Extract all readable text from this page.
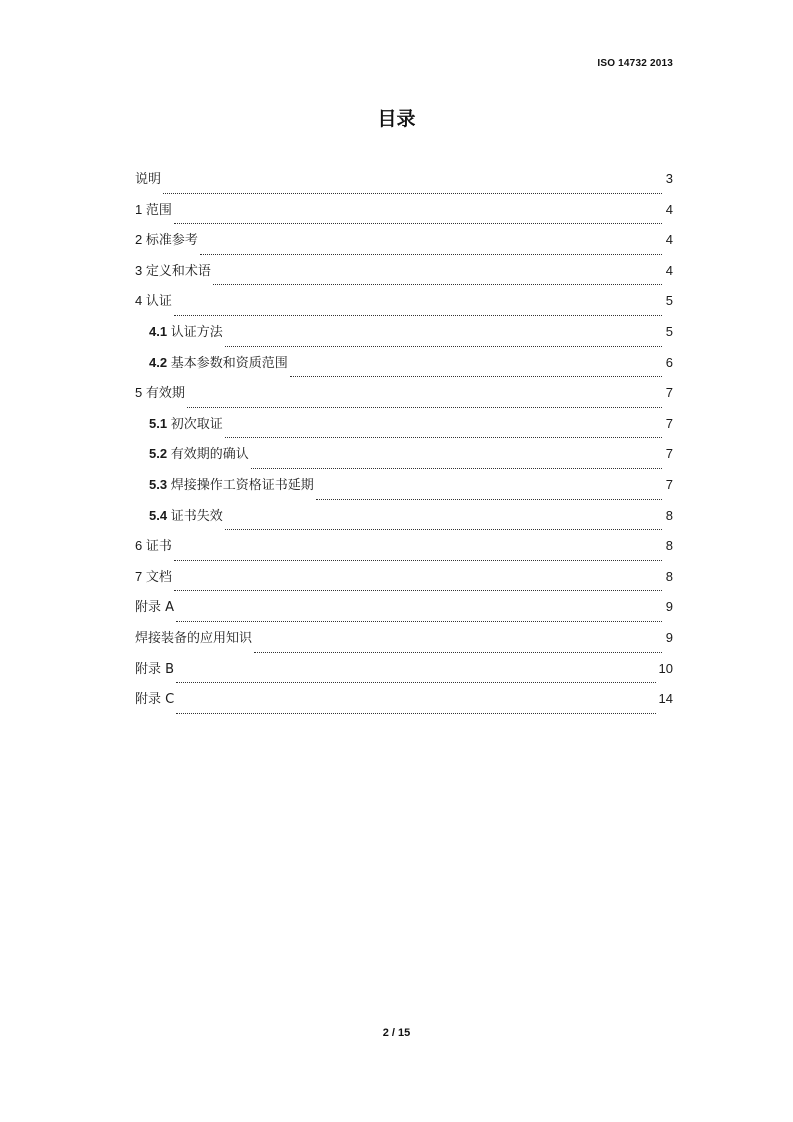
ISO 14732 2013
目录
说明	3
1 范围	4
2 标准参考	4
3 定义和术语	4
4 认证	5
4.1 认证方法	5
4.2 基本参数和资质范围	6
5 有效期	7
5.1 初次取证	7
5.2 有效期的确认	7
5.3 焊接操作工资格证书延期	7
5.4 证书失效	8
6 证书	8
7 文档	8
附录 A	9
焊接装备的应用知识	9
附录 B	10
附录 C	14
2 / 15
